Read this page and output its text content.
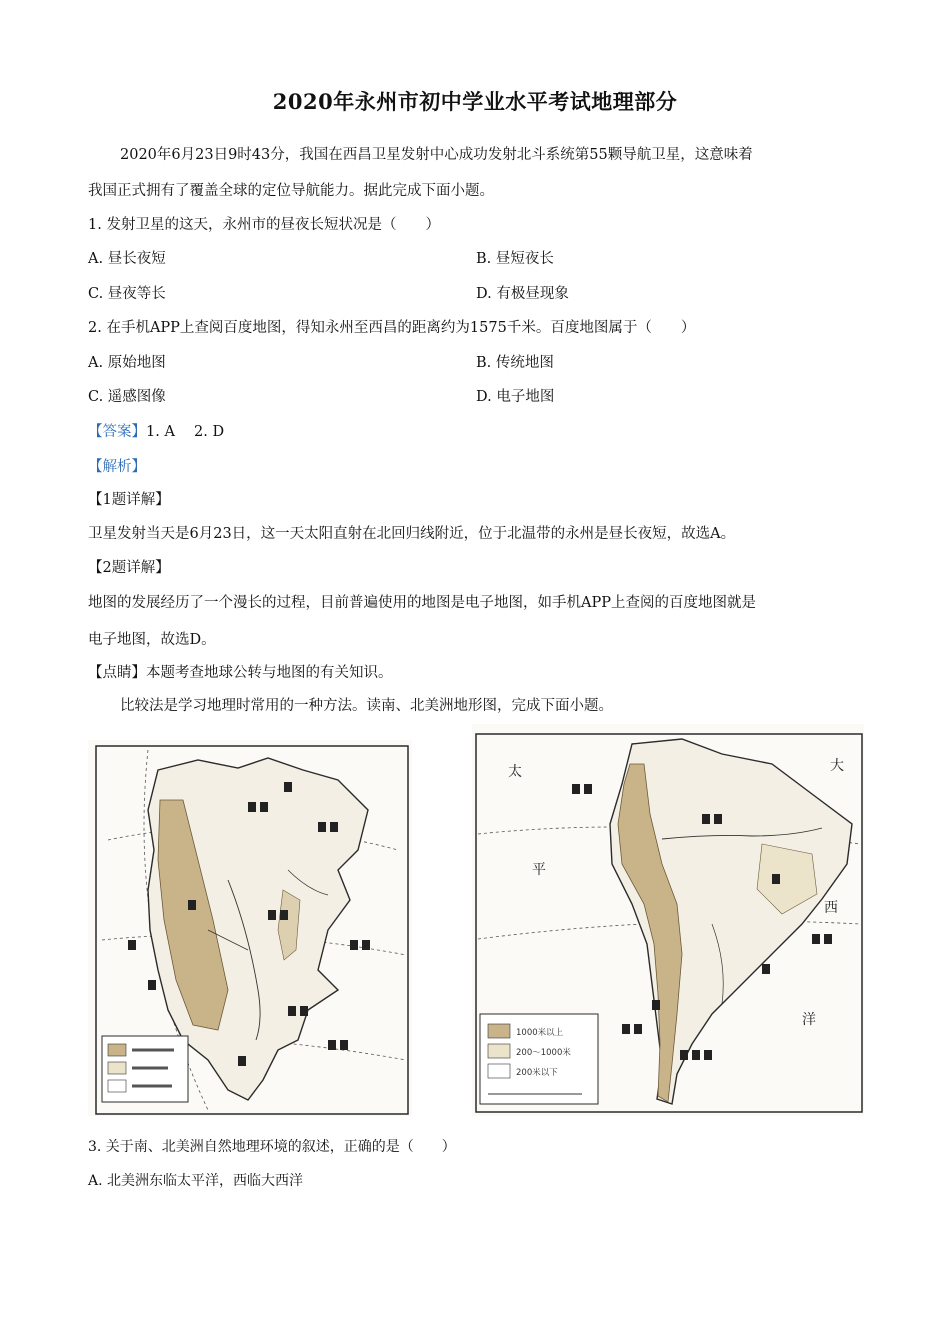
2020年永州市初中学业水平考试地理部分
2020年6月23日9时43分，我国在西昌卫星发射中心成功发射北斗系统第55颗导航卫星，这意味着
我国正式拥有了覆盖全球的定位导航能力。据此完成下面小题。
1. 发射卫星的这天，永州市的昼夜长短状况是（　　）
A. 昼长夜短	B. 昼短夜长
C. 昼夜等长	D. 有极昼现象
2. 在手机APP上查阅百度地图，得知永州至西昌的距离约为1575千米。百度地图属于（　　）
A. 原始地图	B. 传统地图
C. 遥感图像	D. 电子地图
【答案】1. A　 2. D
【解析】
【1题详解】
卫星发射当天是6月23日，这一天太阳直射在北回归线附近，位于北温带的永州是昼长夜短，故选A。
【2题详解】
地图的发展经历了一个漫长的过程，目前普遍使用的地图是电子地图，如手机APP上查阅的百度地图就是
电子地图，故选D。
【点睛】本题考查地球公转与地图的有关知识。
比较法是学习地理时常用的一种方法。读南、北美洲地形图，完成下面小题。
太	大
平
西
洋
1000米以上
200～1000米
200米以下
3. 关于南、北美洲自然地理环境的叙述，正确的是（　　）
A. 北美洲东临太平洋，西临大西洋
